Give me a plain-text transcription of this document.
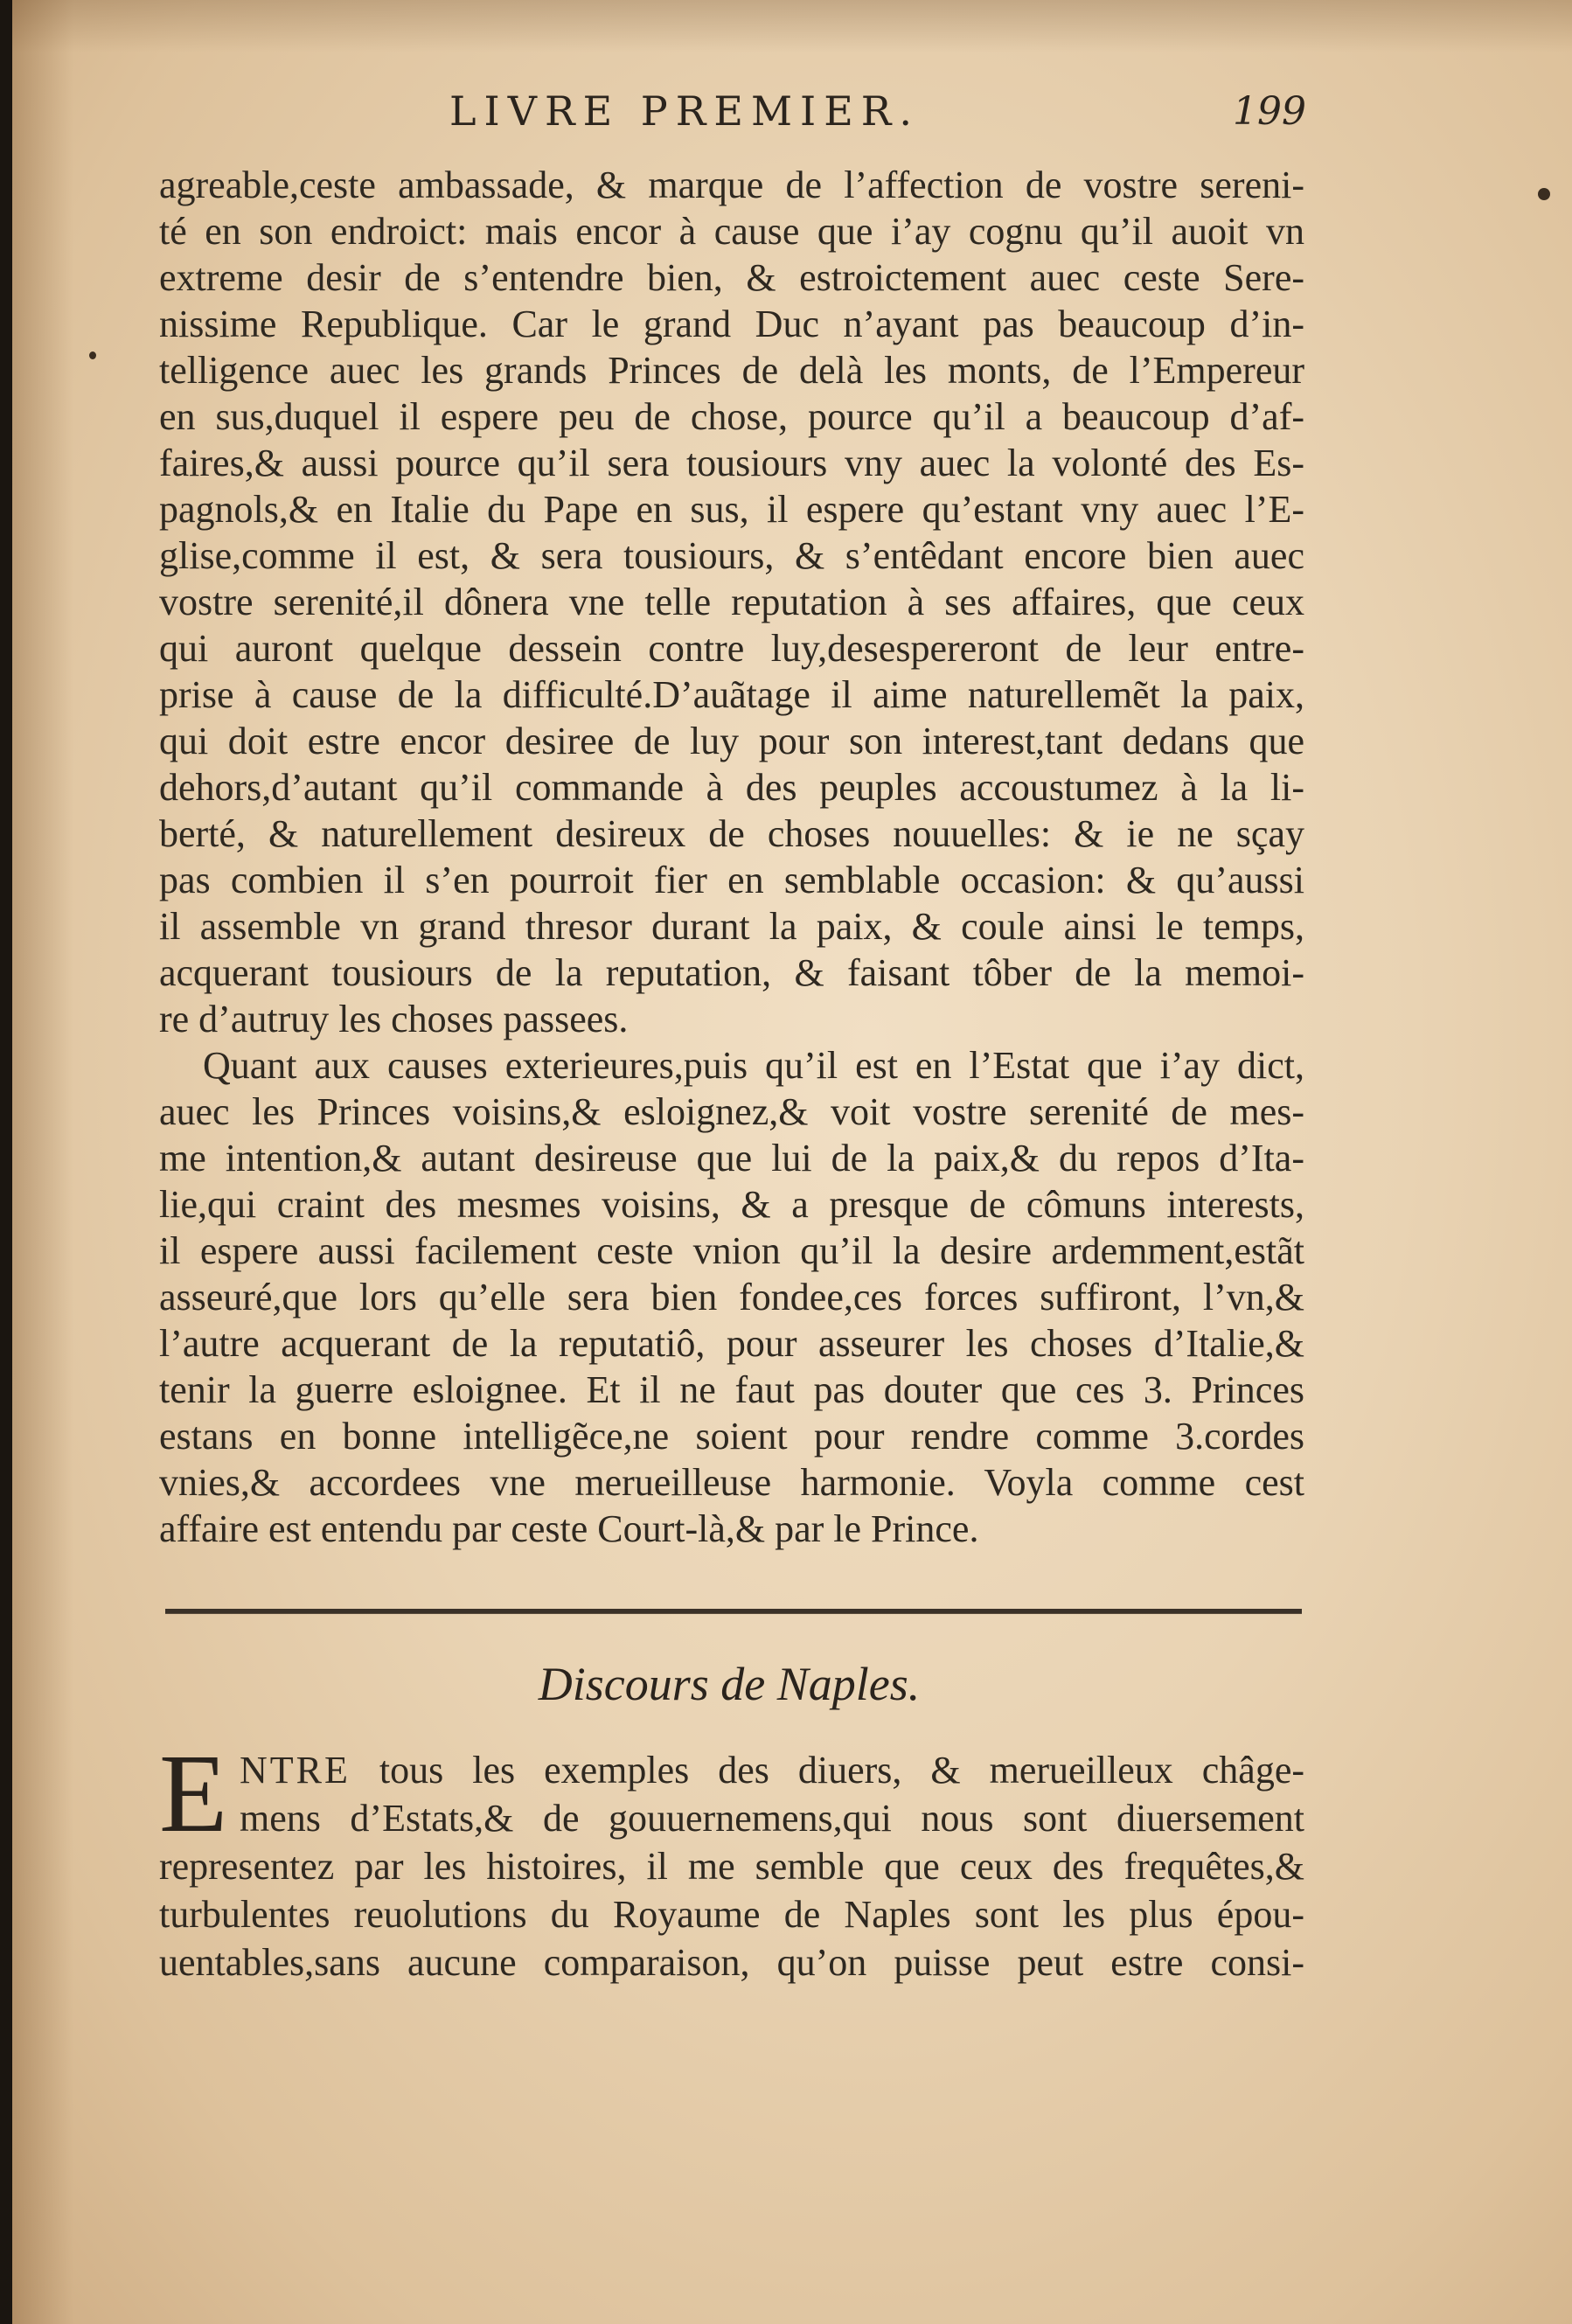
LIVRE PREMIER.	199
agreable,ceste ambassade, & marque de l’affection de vostre sereni-
té en son endroict: mais encor à cause que i’ay cognu qu’il auoit vn
extreme desir de s’entendre bien, & estroictement auec ceste Sere-
nissime Republique. Car le grand Duc n’ayant pas beaucoup d’in-
telligence auec les grands Princes de delà les monts, de l’Empereur
en sus,duquel il espere peu de chose, pource qu’il a beaucoup d’af-
faires,& aussi pource qu’il sera tousiours vny auec la volonté des Es-
pagnols,& en Italie du Pape en sus, il espere qu’estant vny auec l’E-
glise,comme il est, & sera tousiours, & s’entêdant encore bien auec
vostre serenité,il dônera vne telle reputation à ses affaires, que ceux
qui auront quelque dessein contre luy,desespereront de leur entre-
prise à cause de la difficulté.D’auãtage il aime naturellemẽt la paix,
qui doit estre encor desiree de luy pour son interest,tant dedans que
dehors,d’autant qu’il commande à des peuples accoustumez à la li-
berté, & naturellement desireux de choses nouuelles: & ie ne sçay
pas combien il s’en pourroit fier en semblable occasion: & qu’aussi
il assemble vn grand thresor durant la paix, & coule ainsi le temps,
acquerant tousiours de la reputation, & faisant tôber de la memoi-
re d’autruy les choses passees.
Quant aux causes exterieures,puis qu’il est en l’Estat que i’ay dict,
auec les Princes voisins,& esloignez,& voit vostre serenité de mes-
me intention,& autant desireuse que lui de la paix,& du repos d’Ita-
lie,qui craint des mesmes voisins, & a presque de cômuns interests,
il espere aussi facilement ceste vnion qu’il la desire ardemment,estãt
asseuré,que lors qu’elle sera bien fondee,ces forces suffiront, l’vn,&
l’autre acquerant de la reputatiô, pour asseurer les choses d’Italie,&
tenir la guerre esloignee. Et il ne faut pas douter que ces 3. Princes
estans en bonne intelligẽce,ne soient pour rendre comme 3.cordes
vnies,& accordees vne merueilleuse harmonie. Voyla comme cest
affaire est entendu par ceste Court-là,& par le Prince.
Discours de Naples.
E NTRE tous les exemples des diuers, & merueilleux châge-
mens d’Estats,& de gouuernemens,qui nous sont diuersement
representez par les histoires, il me semble que ceux des frequêtes,&
turbulentes reuolutions du Royaume de Naples sont les plus épou-
uentables,sans aucune comparaison, qu’on puisse peut estre consi-
